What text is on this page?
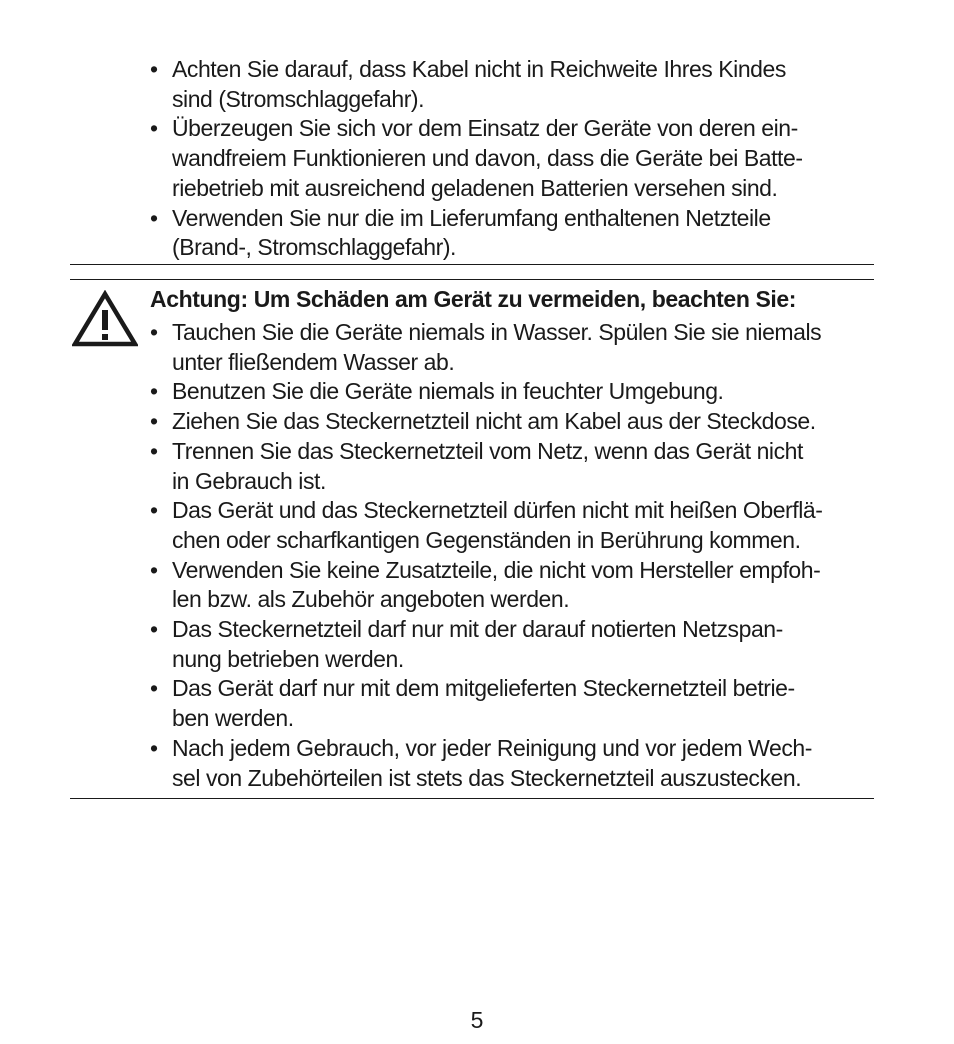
• Achten Sie darauf, dass Kabel nicht in Reichweite Ihres Kindes
sind (Stromschlaggefahr).
• Überzeugen Sie sich vor dem Einsatz der Geräte von deren ein-
wandfreiem Funktionieren und davon, dass die Geräte bei Batte-
riebetrieb mit ausreichend geladenen Batterien versehen sind.
• Verwenden Sie nur die im Lieferumfang enthaltenen Netzteile
(Brand-, Stromschlaggefahr).
Achtung: Um Schäden am Gerät zu vermeiden, beachten Sie:
• Tauchen Sie die Geräte niemals in Wasser. Spülen Sie sie niemals
unter fließendem Wasser ab.
• Benutzen Sie die Geräte niemals in feuchter Umgebung.
• Ziehen Sie das Steckernetzteil nicht am Kabel aus der Steckdose.
• Trennen Sie das Steckernetzteil vom Netz, wenn das Gerät nicht
in Gebrauch ist.
• Das Gerät und das Steckernetzteil dürfen nicht mit heißen Oberflä-
chen oder scharfkantigen Gegenständen in Berührung kommen.
• Verwenden Sie keine Zusatzteile, die nicht vom Hersteller empfoh-
len bzw. als Zubehör angeboten werden.
• Das Steckernetzteil darf nur mit der darauf notierten Netzspan-
nung betrieben werden.
• Das Gerät darf nur mit dem mitgelieferten Steckernetzteil betrie-
ben werden.
• Nach jedem Gebrauch, vor jeder Reinigung und vor jedem Wech-
sel von Zubehörteilen ist stets das Steckernetzteil auszustecken.
5
